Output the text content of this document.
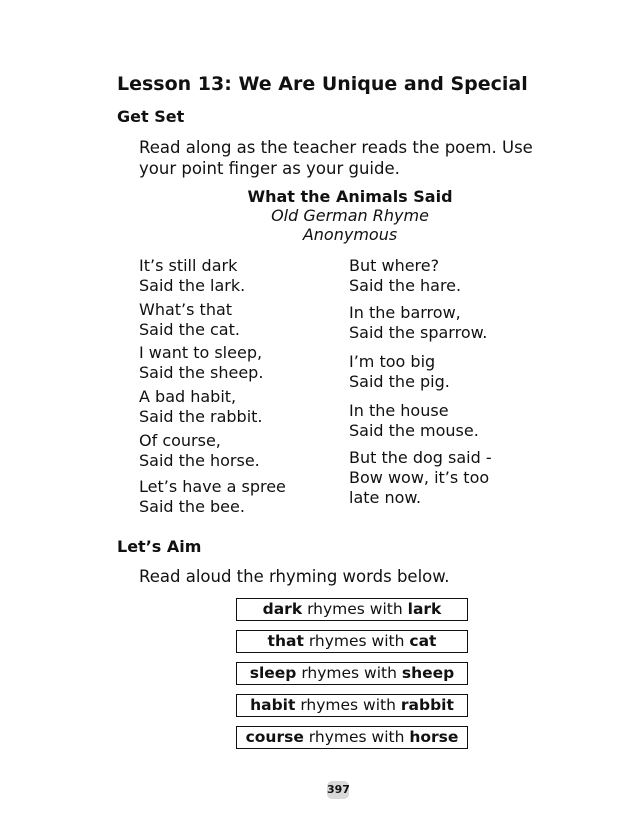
Lesson 13: We Are Unique and Special
Get Set
Read along as the teacher reads the poem. Use
your point finger as your guide.
What the Animals Said
Old German Rhyme
Anonymous
It’s still dark
Said the lark.
What’s that
Said the cat.
I want to sleep,
Said the sheep.
A bad habit,
Said the rabbit.
Of course,
Said the horse.
Let’s have a spree
Said the bee.
But where?
Said the hare.
In the barrow,
Said the sparrow.
I’m too big
Said the pig.
In the house
Said the mouse.
But the dog said -
Bow wow, it’s too
late now.
Let’s Aim
Read aloud the rhyming words below.
dark rhymes with lark
that rhymes with cat
sleep rhymes with sheep
habit rhymes with rabbit
course rhymes with horse
397
